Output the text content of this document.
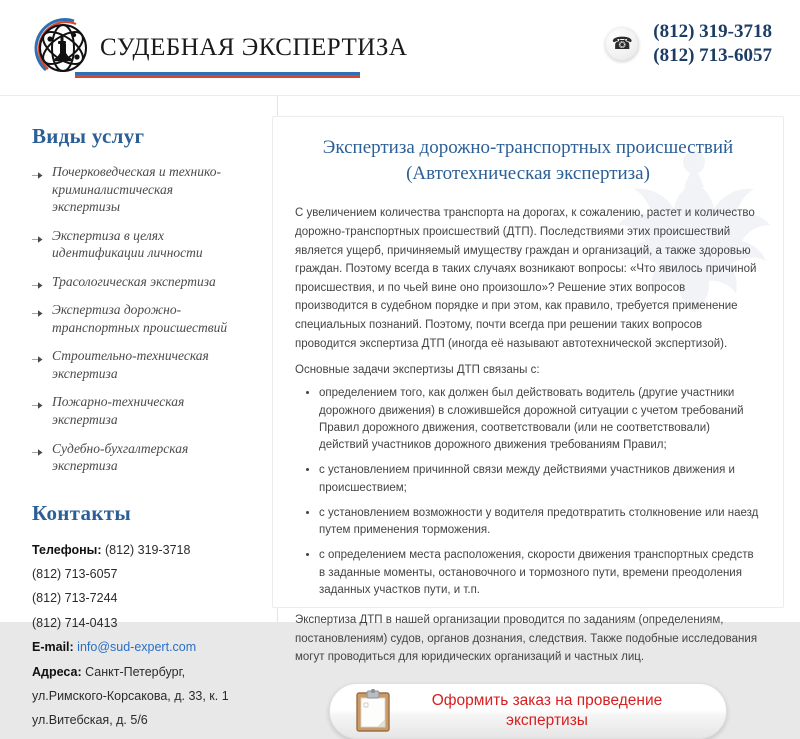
СУДЕБНАЯ ЭКСПЕРТИЗА	☎
(812) 319-3718
(812) 713-6057
Виды услуг
Почерковедческая и технико-криминалистическая экспертизы
Экспертиза в целях идентификации личности
Трасологическая экспертиза
Экспертиза дорожно-транспортных происшествий
Строительно-техническая экспертиза
Пожарно-техническая экспертиза
Судебно-бухгалтерская экспертиза
Контакты
Телефоны: (812) 319-3718
(812) 713-6057
(812) 713-7244
(812) 714-0413
E-mail: info@sud-expert.com
Адреса: Санкт-Петербург,
ул.Римского-Корсакова, д. 33, к. 1
ул.Витебская, д. 5/6
Экспертиза дорожно-транспортных происшествий
(Автотехническая экспертиза)

С увеличением количества транспорта на дорогах, к сожалению, растет и количество дорожно-транспортных происшествий (ДТП). Последствиями этих происшествий является ущерб, причиняемый имуществу граждан и организаций, а также здоровью граждан. Поэтому всегда в таких случаях возникают вопросы: «Что явилось причиной происшествия, и по чьей вине оно произошло»? Решение этих вопросов производится в судебном порядке и при этом, как правило, требуется применение специальных познаний. Поэтому, почти всегда при решении таких вопросов проводится экспертиза ДТП (иногда её называют автотехнической экспертизой).

Основные задачи экспертизы ДТП связаны с:

• определением того, как должен был действовать водитель (другие участники дорожного движения) в сложившейся дорожной ситуации с учетом требований Правил дорожного движения, соответствовали (или не соответствовали) действий участников дорожного движения требованиям Правил;
• с установлением причинной связи между действиями участников движения и происшествием;
• с установлением возможности у водителя предотвратить столкновение или наезд путем применения торможения.
• с определением места расположения, скорости движения транспортных средств в заданные моменты, остановочного и тормозного пути, времени преодоления заданных участков пути, и т.п.

Экспертиза ДТП в нашей организации проводится по заданиям (определениям, постановлениям) судов, органов дознания, следствия. Также подобные исследования могут проводиться для юридических организаций и частных лиц.

Оформить заказ на проведение
экспертизы
